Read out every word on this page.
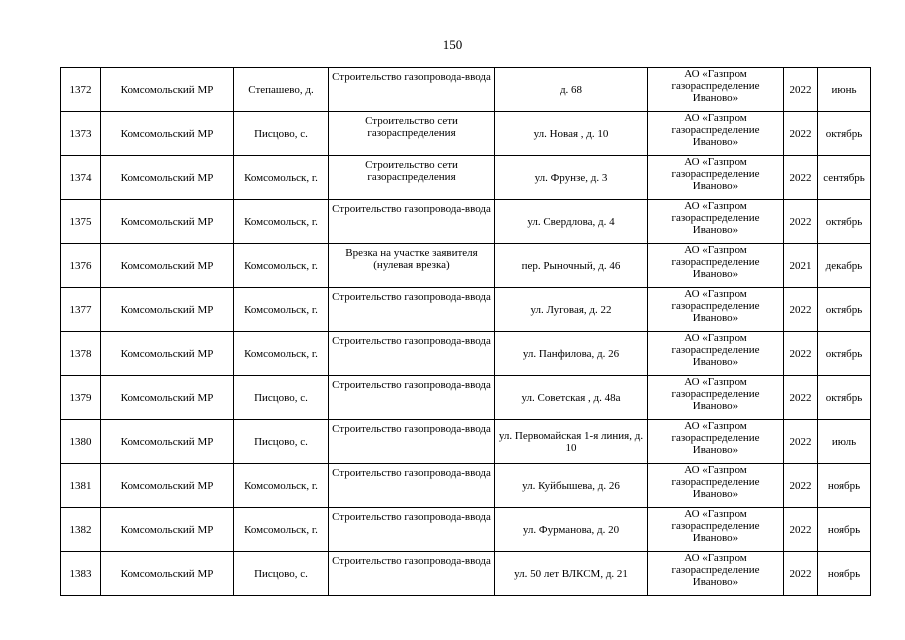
150
1372	Комсомольский МР	Степашево, д.	Строительство газопровода-ввода	д. 68	АО «Газпром газораспределение Иваново»	2022	июнь
1373	Комсомольский МР	Писцово, с.	Строительство сети газораспределения	ул. Новая , д. 10	АО «Газпром газораспределение Иваново»	2022	октябрь
1374	Комсомольский МР	Комсомольск, г.	Строительство сети газораспределения	ул. Фрунзе, д. 3	АО «Газпром газораспределение Иваново»	2022	сентябрь
1375	Комсомольский МР	Комсомольск, г.	Строительство газопровода-ввода	ул. Свердлова, д. 4	АО «Газпром газораспределение Иваново»	2022	октябрь
1376	Комсомольский МР	Комсомольск, г.	Врезка на участке заявителя (нулевая врезка)	пер. Рыночный, д. 46	АО «Газпром газораспределение Иваново»	2021	декабрь
1377	Комсомольский МР	Комсомольск, г.	Строительство газопровода-ввода	ул. Луговая, д. 22	АО «Газпром газораспределение Иваново»	2022	октябрь
1378	Комсомольский МР	Комсомольск, г.	Строительство газопровода-ввода	ул. Панфилова, д. 26	АО «Газпром газораспределение Иваново»	2022	октябрь
1379	Комсомольский МР	Писцово, с.	Строительство газопровода-ввода	ул. Советская , д. 48а	АО «Газпром газораспределение Иваново»	2022	октябрь
1380	Комсомольский МР	Писцово, с.	Строительство газопровода-ввода	ул. Первомайская 1-я линия, д. 10	АО «Газпром газораспределение Иваново»	2022	июль
1381	Комсомольский МР	Комсомольск, г.	Строительство газопровода-ввода	ул. Куйбышева, д. 26	АО «Газпром газораспределение Иваново»	2022	ноябрь
1382	Комсомольский МР	Комсомольск, г.	Строительство газопровода-ввода	ул. Фурманова, д. 20	АО «Газпром газораспределение Иваново»	2022	ноябрь
1383	Комсомольский МР	Писцово, с.	Строительство газопровода-ввода	ул. 50 лет ВЛКСМ, д. 21	АО «Газпром газораспределение Иваново»	2022	ноябрь
